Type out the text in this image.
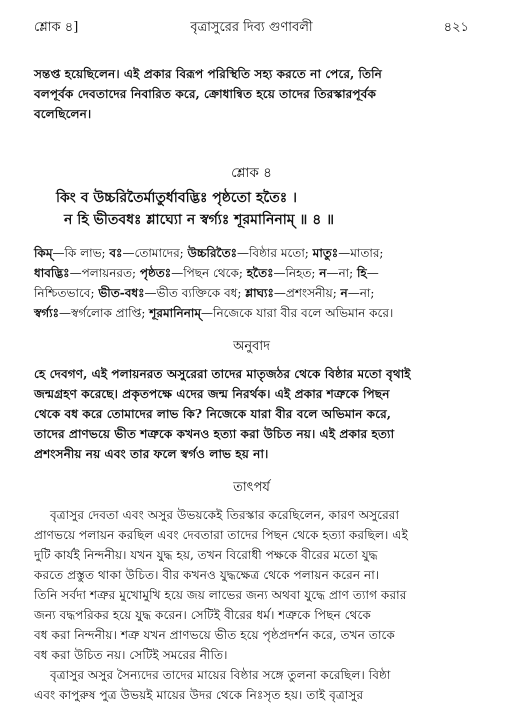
শ্লোক ৪]	বৃত্রাসুরের দিব্য গুণাবলী	৪২১

সন্তপ্ত হয়েছিলেন। এই প্রকার বিরূপ পরিস্থিতি সহ্য করতে না পেরে, তিনি

বলপূর্বক দেবতাদের নিবারিত করে, ক্রোধান্বিত হয়ে তাদের তিরস্কারপূর্বক

বলেছিলেন।

শ্লোক ৪

কিং ব উচ্চরিতৈর্মাতুর্ধাবদ্ভিঃ পৃষ্ঠতো হতৈঃ ।

ন হি ভীতবধঃ শ্লাঘ্যো ন স্বর্গ্যঃ শূরমানিনাম্ ॥ ৪ ॥

কিম্—কি লাভ; বঃ—তোমাদের; উচ্চরিতৈঃ—বিষ্ঠার মতো; মাতুঃ—মাতার;

ধাবদ্ভিঃ—পলায়নরত; পৃষ্ঠতঃ—পিছন থেকে; হতৈঃ—নিহত; ন—না; হি—

নিশ্চিতভাবে; ভীত-বধঃ—ভীত ব্যক্তিকে বধ; শ্লাঘ্যঃ—প্রশংসনীয়; ন—না;

স্বর্গ্যঃ—স্বর্গলোক প্রাপ্তি; শূরমানিনাম্—নিজেকে যারা বীর বলে অভিমান করে।

অনুবাদ

হে দেবগণ, এই পলায়নরত অসুরেরা তাদের মাতৃজঠর থেকে বিষ্ঠার মতো বৃথাই

জন্মগ্রহণ করেছে। প্রকৃতপক্ষে এদের জন্ম নিরর্থক। এই প্রকার শত্রুকে পিছন

থেকে বধ করে তোমাদের লাভ কি? নিজেকে যারা বীর বলে অভিমান করে,

তাদের প্রাণভয়ে ভীত শত্রুকে কখনও হত্যা করা উচিত নয়। এই প্রকার হত্যা

প্রশংসনীয় নয় এবং তার ফলে স্বর্গও লাভ হয় না।

তাৎপর্য

বৃত্রাসুর দেবতা এবং অসুর উভয়কেই তিরস্কার করেছিলেন, কারণ অসুরেরা

প্রাণভয়ে পলায়ন করছিল এবং দেবতারা তাদের পিছন থেকে হত্যা করছিল। এই

দুটি কার্যই নিন্দনীয়। যখন যুদ্ধ হয়, তখন বিরোধী পক্ষকে বীরের মতো যুদ্ধ

করতে প্রস্তুত থাকা উচিত। বীর কখনও যুদ্ধক্ষেত্র থেকে পলায়ন করেন না।

তিনি সর্বদা শত্রুর মুখোমুখি হয়ে জয় লাভের জন্য অথবা যুদ্ধে প্রাণ ত্যাগ করার

জন্য বদ্ধপরিকর হয়ে যুদ্ধ করেন। সেটিই বীরের ধর্ম। শত্রুকে পিছন থেকে

বধ করা নিন্দনীয়। শত্রু যখন প্রাণভয়ে ভীত হয়ে পৃষ্ঠপ্রদর্শন করে, তখন তাকে

বধ করা উচিত নয়। সেটিই সমরের নীতি।

বৃত্রাসুর অসুর সৈন্যদের তাদের মায়ের বিষ্ঠার সঙ্গে তুলনা করেছিল। বিষ্ঠা

এবং কাপুরুষ পুত্র উভয়ই মায়ের উদর থেকে নিঃসৃত হয়। তাই বৃত্রাসুর
